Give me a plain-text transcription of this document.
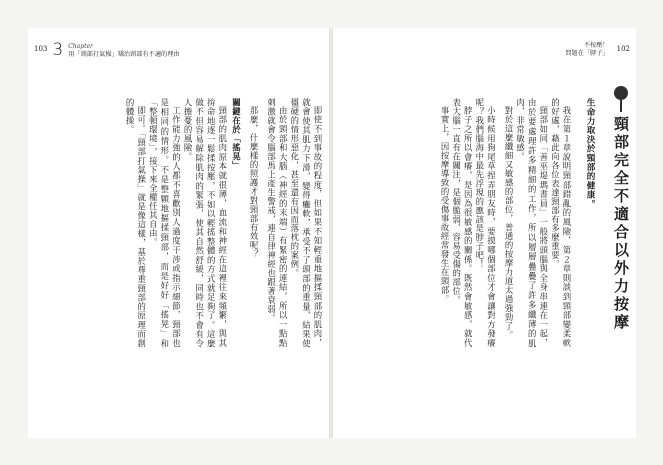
103 3 Chapter
用「頸部打氣操」矯治頸部有不適的理由

即使不到事故的程度，但如果不知輕重地摳揉頸部的肌肉，就會使其肌力下滑，變得癱軟，承受不了頭部的重量，結果使僵硬的情形惡化，甚至還有因而落枕的案例。

由於頸部和大腦（神經的末端）有緊密的連結，所以一點點刺激就會令腦部馬上產生警戒，連自律神經也跟著衰弱。

那麼，什麼樣的照護才對頸部有效呢？

關鍵在於「搖晃」

頸部的肌肉原本就很薄，血流和神經在這裡往來頻繁，與其拚命地逐一鬆揉按壓，不如以輕搖整體的方式就足夠了。這麼做不但容易解除肌肉的緊張，使其自然舒緩，同時也不會有令人擔憂的風險。

工作能力強的人都不喜歡別人過度干涉或指示細節，頸部也是相同的情形。不是整顆地摳揉頸部，而是好好「搖晃」和「整頓環境」，接下來全權任其自由。

即可。「頸部打氣操」就是像這樣，基於尊重頸部的原理而創的體操。

不按壓！
問題在「脖子」
102
頸部完全不適合以外力按摩
生命力取決於頸部的健康。

我在第１章說明頸部錯亂的風險，第２章則談到頸部變柔軟的好處，藉此向各位表達頸部有多麼重要。

頸部如同「善巫堤瑪書員」一般將頭腦與全身串連在一起，由於要處理許多精細的工作，所以層層疊疊了許多纖薄的肌肉，非常敏感。

對於這麼纖細又敏感的部位，普通的按摩力道太過強勁了。

小時候用狗尾草捏弄朋友時，要摸哪個部位才會讓對方發癢呢？我們腦海中最先浮現的應該是脖子吧！

脖子之所以會癢，是因為很敏感的關係。既然會敏感，就代表大腦一直有在關注，是個脆弱、容易受傷的部位。

事實上，因按摩導致的受傷事故經常發生在頸部。
